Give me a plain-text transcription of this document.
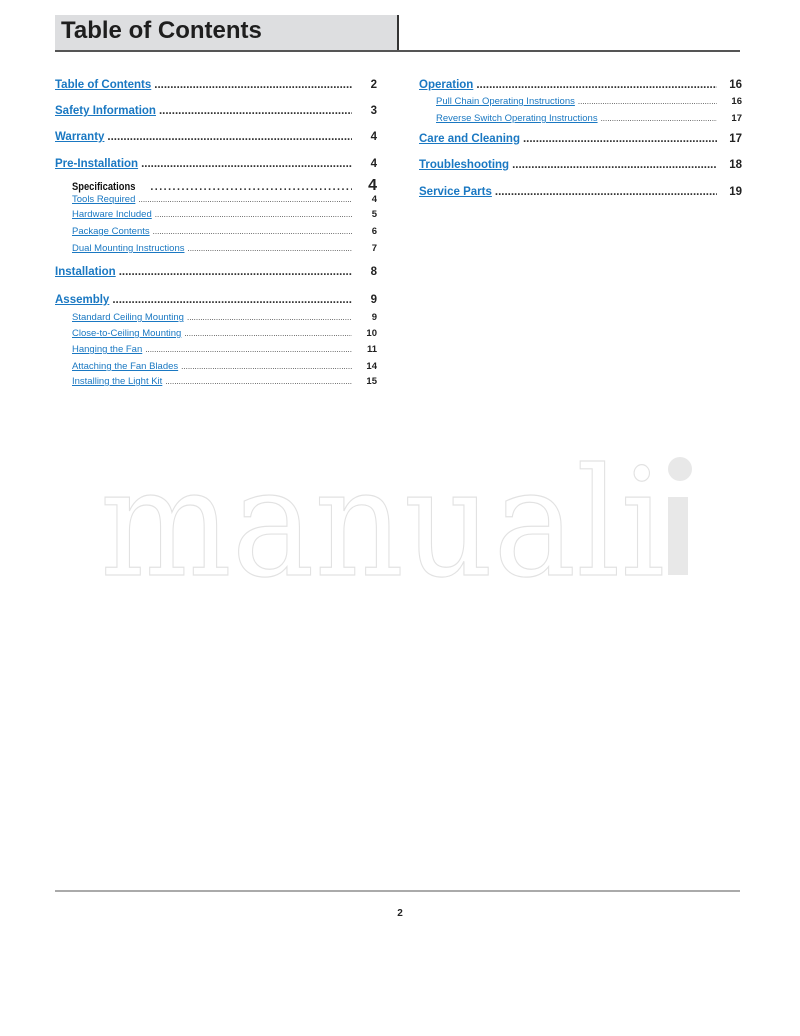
Table of Contents
Table of Contents .....	2
Safety Information .....	3
Warranty .....	4
Pre-Installation .....	4
Specifications .....	4
Tools Required .....	4
Hardware Included .....	5
Package Contents .....	6
Dual Mounting Instructions .....	7
Installation .....	8
Assembly .....	9
Standard Ceiling Mounting .....	9
Close-to-Ceiling Mounting .....	10
Hanging the Fan .....	11
Attaching the Fan Blades .....	14
Installing the Light Kit .....	15
Operation .....	16
Pull Chain Operating Instructions .....	16
Reverse Switch Operating Instructions .....	17
Care and Cleaning .....	17
Troubleshooting .....	18
Service Parts .....	19
manuali
2
